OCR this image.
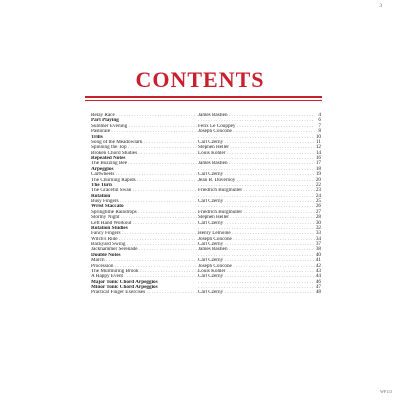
3
CONTENTS
Relay Race . . .	James Bastien . . .	4
Part Playing . . .	6
Summer Evening . . .	Felix Le Couppey . . .	7
Pastorale . . .	Joseph Concone . . .	8
Trills . . .	10
Song of the Meadowlark . . .	Carl Czerny . . .	11
Spinning the Top . . .	Stephen Heller . . .	12
Broken Chord Studies . . .	Louis Köhler . . .	14
Repeated Notes . . .	16
The Buzzing Bee . . .	James Bastien . . .	17
Arpeggios . . .	18
Cartwheels . . .	Carl Czerny . . .	19
The Churning Rapids . . .	Jean B. Duvernoy . . .	20
The Turn . . .	22
The Graceful Swan . . .	Friedrich Burgmüller . . .	23
Rotation . . .	24
Busy Fingers . . .	Carl Czerny . . .	25
Wrist Staccato . . .	26
Springtime Raindrops . . .	Friedrich Burgmüller . . .	27
Stormy Night . . .	Stephen Heller . . .	28
Left Hand Workout . . .	Carl Czerny . . .	30
Rotation Studies . . .	32
Fancy Fingers . . .	Henry Lemoine . . .	33
Witch's Ride . . .	Joseph Concone . . .	34
Backyard Swing . . .	Carl Czerny . . .	37
Jackhammer Serenade . . .	James Bastien . . .	38
Double Notes . . .	40
March . . .	Carl Czerny . . .	41
Procession . . .	Joseph Concone . . .	42
The Murmuring Brook . . .	Louis Köhler . . .	43
A Happy Event . . .	Carl Czerny . . .	44
Major Tonic Chord Arpeggios . . .	46
Minor Tonic Chord Arpeggios . . .	47
Practical Finger Exercises . . .	Carl Czerny . . .	48
WP113
